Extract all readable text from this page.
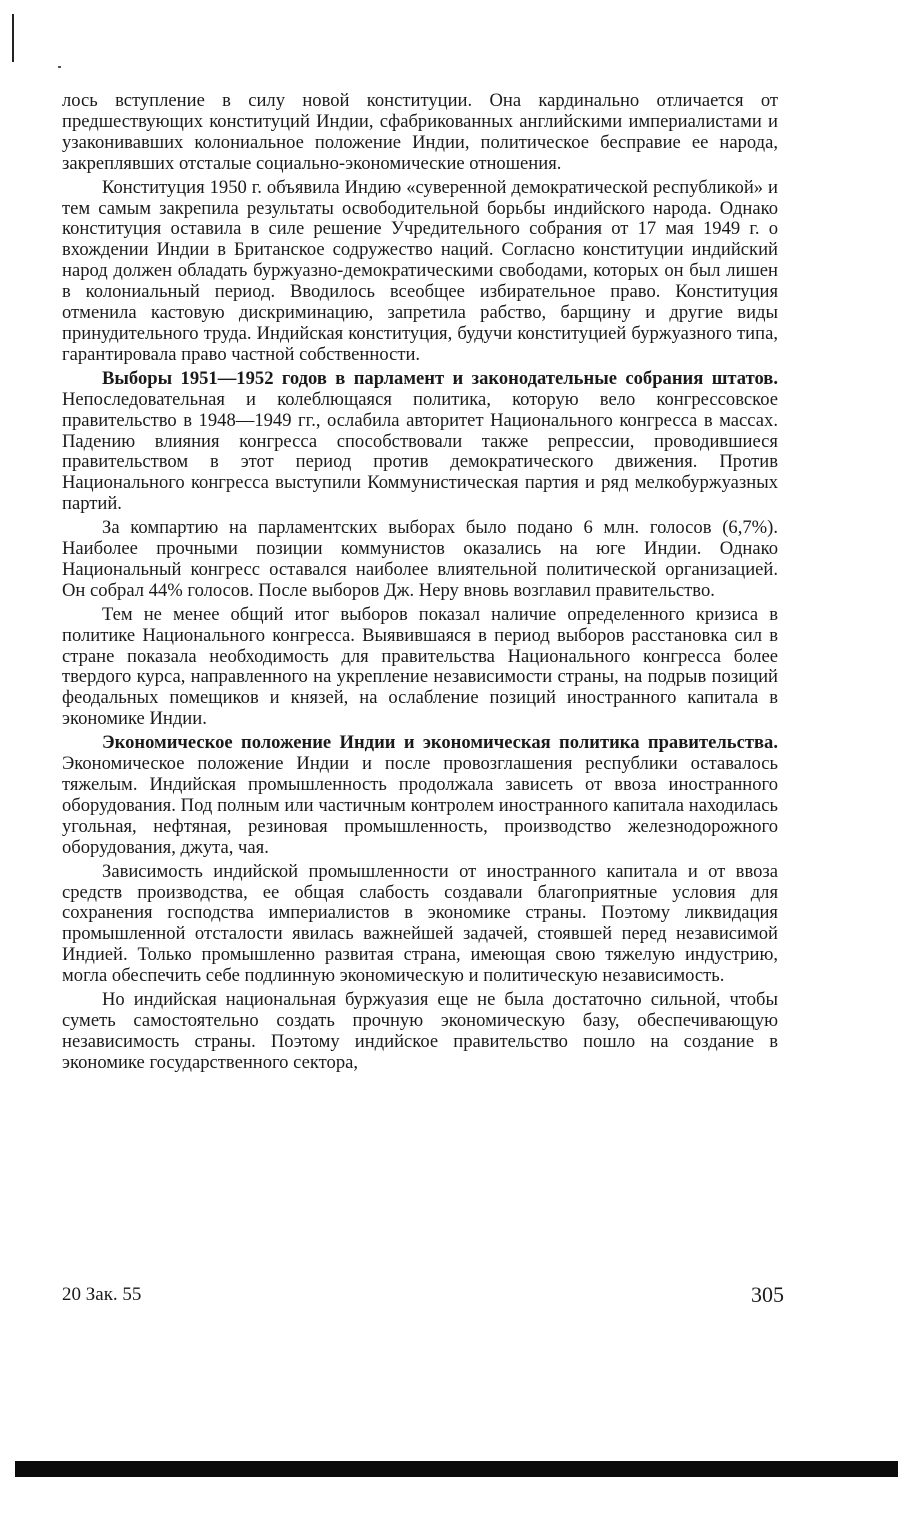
лось вступление в силу новой конституции. Она кардинально отличается от предшествующих конституций Индии, сфабрикованных английскими империалистами и узаконивавших колониальное положение Индии, политическое бесправие ее народа, закреплявших отсталые социально-экономические отношения.

Конституция 1950 г. объявила Индию «суверенной демократической республикой» и тем самым закрепила результаты освободительной борьбы индийского народа. Однако конституция оставила в силе решение Учредительного собрания от 17 мая 1949 г. о вхождении Индии в Британское содружество наций. Согласно конституции индийский народ должен обладать буржуазно-демократическими свободами, которых он был лишен в колониальный период. Вводилось всеобщее избирательное право. Конституция отменила кастовую дискриминацию, запретила рабство, барщину и другие виды принудительного труда. Индийская конституция, будучи конституцией буржуазного типа, гарантировала право частной собственности.

Выборы 1951—1952 годов в парламент и законодательные собрания штатов. Непоследовательная и колеблющаяся политика, которую вело конгрессовское правительство в 1948—1949 гг., ослабила авторитет Национального конгресса в массах. Падению влияния конгресса способствовали также репрессии, проводившиеся правительством в этот период против демократического движения. Против Национального конгресса выступили Коммунистическая партия и ряд мелкобуржуазных партий.

За компартию на парламентских выборах было подано 6 млн. голосов (6,7%). Наиболее прочными позиции коммунистов оказались на юге Индии. Однако Национальный конгресс оставался наиболее влиятельной политической организацией. Он собрал 44% голосов. После выборов Дж. Неру вновь возглавил правительство.

Тем не менее общий итог выборов показал наличие определенного кризиса в политике Национального конгресса. Выявившаяся в период выборов расстановка сил в стране показала необходимость для правительства Национального конгресса более твердого курса, направленного на укрепление независимости страны, на подрыв позиций феодальных помещиков и князей, на ослабление позиций иностранного капитала в экономике Индии.

Экономическое положение Индии и экономическая политика правительства. Экономическое положение Индии и после провозглашения республики оставалось тяжелым. Индийская промышленность продолжала зависеть от ввоза иностранного оборудования. Под полным или частичным контролем иностранного капитала находилась угольная, нефтяная, резиновая промышленность, производство железнодорожного оборудования, джута, чая.

Зависимость индийской промышленности от иностранного капитала и от ввоза средств производства, ее общая слабость создавали благоприятные условия для сохранения господства империалистов в экономике страны. Поэтому ликвидация промышленной отсталости явилась важнейшей задачей, стоявшей перед независимой Индией. Только промышленно развитая страна, имеющая свою тяжелую индустрию, могла обеспечить себе подлинную экономическую и политическую независимость.

Но индийская национальная буржуазия еще не была достаточно сильной, чтобы суметь самостоятельно создать прочную экономическую базу, обеспечивающую независимость страны. Поэтому индийское правительство пошло на создание в экономике государственного сектора,

20 Зак. 55	305
